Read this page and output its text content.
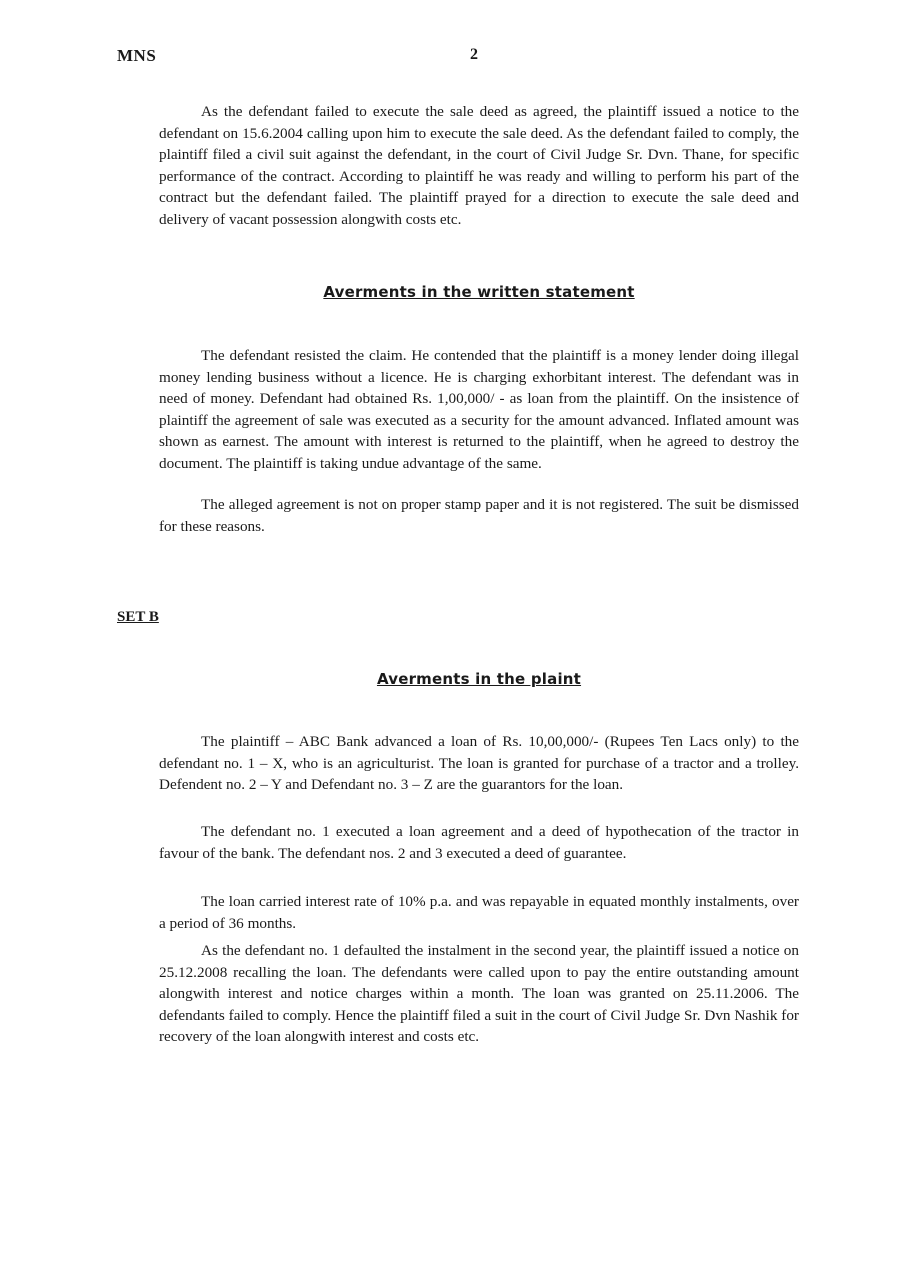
MNS	2

As the defendant failed to execute the sale deed as agreed, the plaintiff issued a notice to the defendant on 15.6.2004 calling upon him to execute the sale deed. As the defendant failed to comply, the plaintiff filed a civil suit against the defendant, in the court of Civil Judge Sr. Dvn. Thane, for specific performance of the contract. According to plaintiff he was ready and willing to perform his part of the contract but the defendant failed. The plaintiff prayed for a direction to execute the sale deed and delivery of vacant possession alongwith costs etc.

Averments in the written statement

The defendant resisted the claim. He contended that the plaintiff is a money lender doing illegal money lending business without a licence. He is charging exhorbitant interest. The defendant was in need of money. Defendant had obtained Rs. 1,00,000/ - as loan from the plaintiff. On the insistence of plaintiff the agreement of sale was executed as a security for the amount advanced. Inflated amount was shown as earnest. The amount with interest is returned to the plaintiff, when he agreed to destroy the document. The plaintiff is taking undue advantage of the same.

The alleged agreement is not on proper stamp paper and it is not registered. The suit be dismissed for these reasons.

SET B

Averments in the plaint

The plaintiff – ABC Bank advanced a loan of Rs. 10,00,000/- (Rupees Ten Lacs only) to the defendant no. 1 – X, who is an agriculturist. The loan is granted for purchase of a tractor and a trolley. Defendent no. 2 – Y and Defendant no. 3 – Z are the guarantors for the loan.

The defendant no. 1 executed a loan agreement and a deed of hypothecation of the tractor in favour of the bank. The defendant nos. 2 and 3 executed a deed of guarantee.

The loan carried interest rate of 10% p.a. and was repayable in equated monthly instalments, over a period of 36 months.

As the defendant no. 1 defaulted the instalment in the second year, the plaintiff issued a notice on 25.12.2008 recalling the loan. The defendants were called upon to pay the entire outstanding amount alongwith interest and notice charges within a month. The loan was granted on 25.11.2006. The defendants failed to comply. Hence the plaintiff filed a suit in the court of Civil Judge Sr. Dvn Nashik for recovery of the loan alongwith interest and costs etc.
